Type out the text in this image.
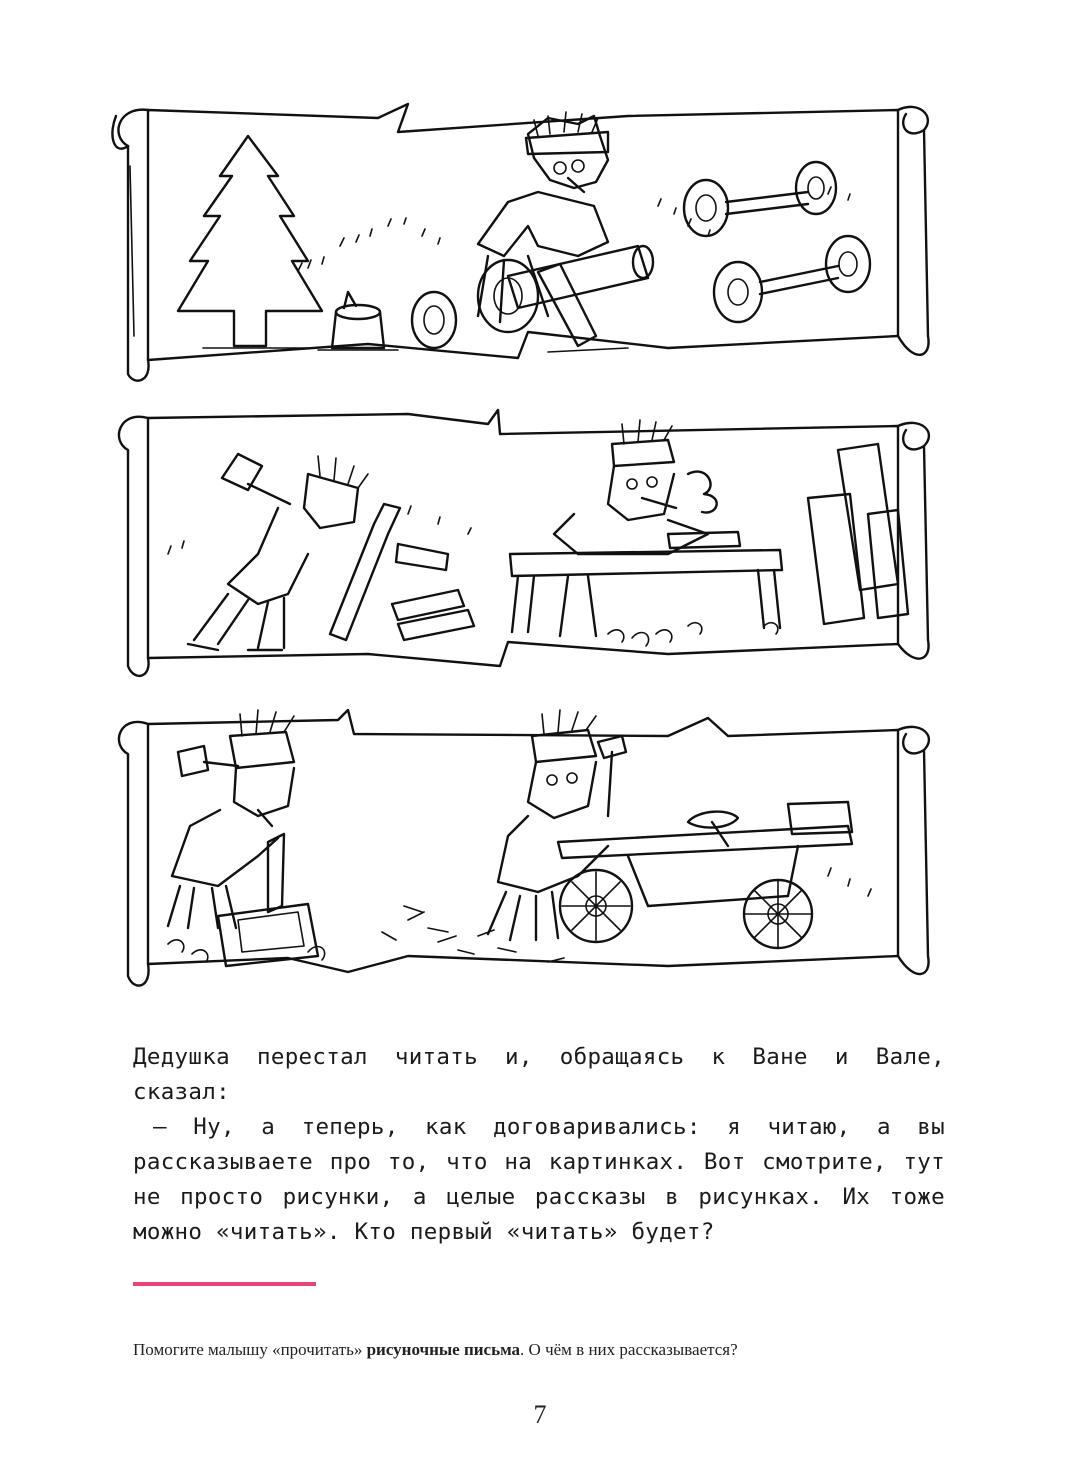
Дедушка перестал читать и, обращаясь к Ване и Вале, сказал:

— Ну, а теперь, как договаривались: я читаю, а вы рассказываете про то, что на картинках. Вот смотрите, тут не просто рисунки, а целые рассказы в рисунках. Их тоже можно «читать». Кто первый «читать» будет?

Помогите малышу «прочитать» рисуночные письма. О чём в них рассказывается?
7
